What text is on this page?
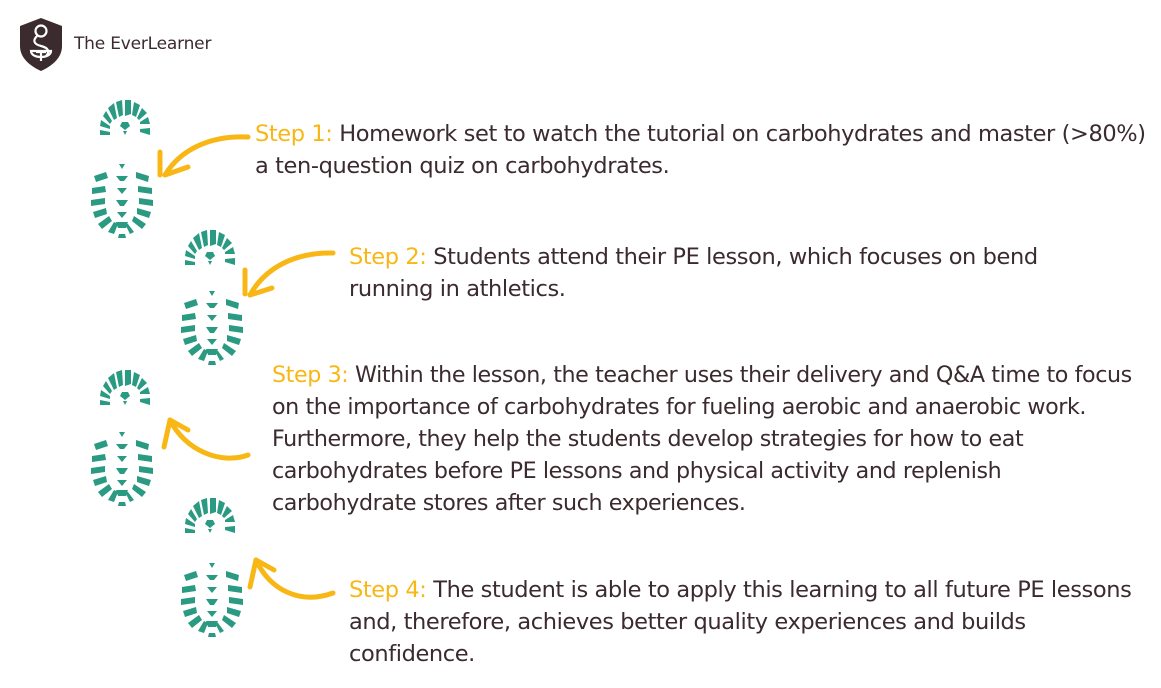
The EverLearner
Step 1: Homework set to watch the tutorial on carbohydrates and master (>80%) a ten-question quiz on carbohydrates.
Step 2: Students attend their PE lesson, which focuses on bend running in athletics.
Step 3: Within the lesson, the teacher uses their delivery and Q&A time to focus on the importance of carbohydrates for fueling aerobic and anaerobic work. Furthermore, they help the students develop strategies for how to eat carbohydrates before PE lessons and physical activity and replenish carbohydrate stores after such experiences.
Step 4: The student is able to apply this learning to all future PE lessons and, therefore, achieves better quality experiences and builds confidence.
